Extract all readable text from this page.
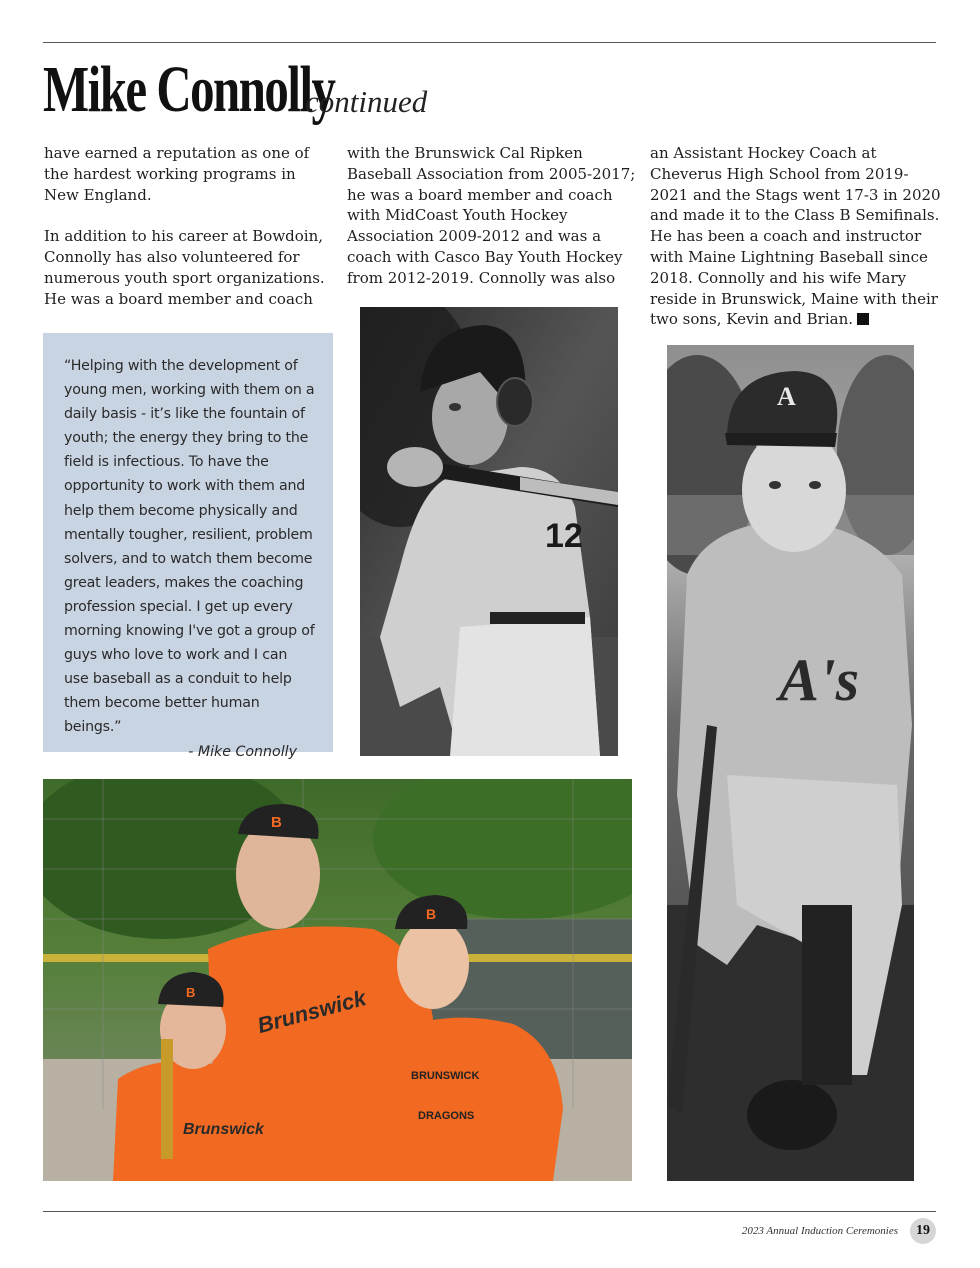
Mike Connolly
continued

have earned a reputation as one of the hardest working programs in New England.

In addition to his career at Bowdoin, Connolly has also volunteered for numerous youth sport organizations. He was a board member and coach

with the Brunswick Cal Ripken Baseball Association from 2005-2017; he was a board member and coach with MidCoast Youth Hockey Association 2009-2012 and was a coach with Casco Bay Youth Hockey from 2012-2019. Connolly was also

an Assistant Hockey Coach at Cheverus High School from 2019-2021 and the Stags went 17-3 in 2020 and made it to the Class B Semifinals. He has been a coach and instructor with Maine Lightning Baseball since 2018. Connolly and his wife Mary reside in Brunswick, Maine with their two sons, Kevin and Brian.

“Helping with the development of young men, working with them on a daily basis - it’s like the fountain of youth; the energy they bring to the field is infectious. To have the opportunity to work with them and help them become physically and mentally tougher, resilient, problem solvers, and to watch them become great leaders, makes the coaching profession special. I get up every morning knowing I've got a group of guys who love to work and I can use baseball as a conduit to help them become better human beings.”
- Mike Connolly
12
A
A's
B
Brunswick
B
Brunswick
B
BRUNSWICK
DRAGONS
2023 Annual Induction Ceremonies	19
